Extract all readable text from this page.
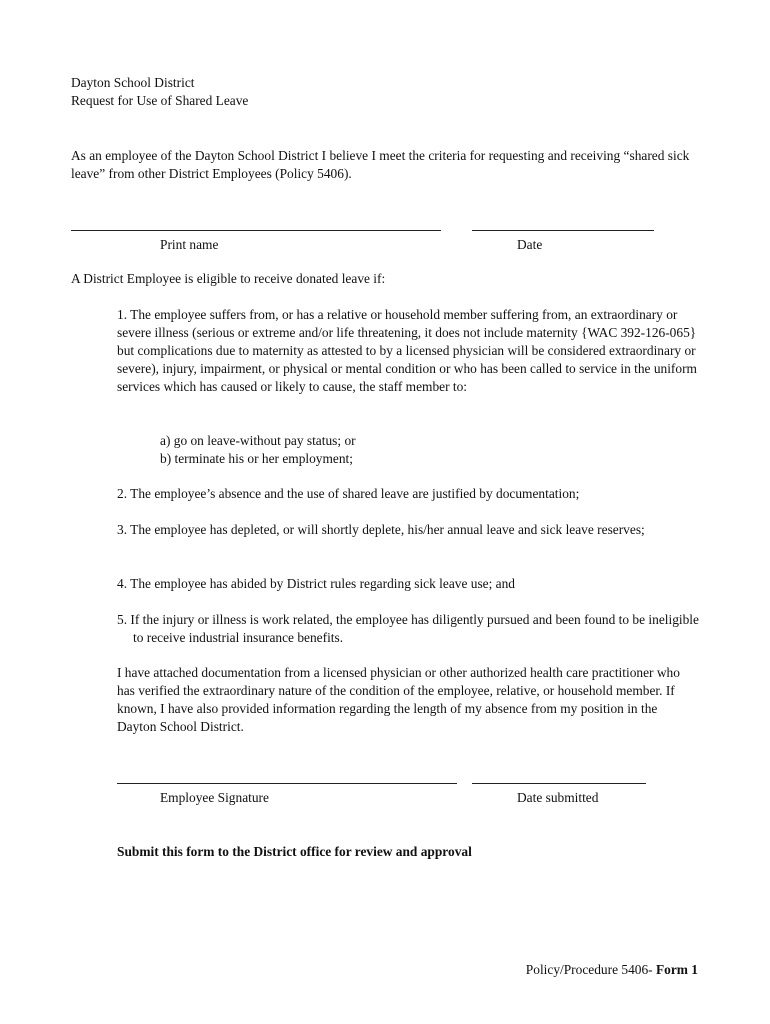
Dayton School District
Request for Use of Shared Leave
As an employee of the Dayton School District I believe I meet the criteria for requesting and receiving “shared sick leave” from other District Employees (Policy 5406).
Print name	Date
A District Employee is eligible to receive donated leave if:
1. The employee suffers from, or has a relative or household member suffering from, an extraordinary or severe illness (serious or extreme and/or life threatening, it does not include maternity {WAC 392-126-065} but complications due to maternity as attested to by a licensed physician will be considered extraordinary or severe), injury, impairment, or physical or mental condition or who has been called to service in the uniform services which has caused or likely to cause, the staff member to:
a) go on leave-without pay status; or
b) terminate his or her employment;
2. The employee’s absence and the use of shared leave are justified by documentation;
3. The employee has depleted, or will shortly deplete, his/her annual leave and sick leave reserves;
4. The employee has abided by District rules regarding sick leave use; and
5. If the injury or illness is work related, the employee has diligently pursued and been found to be ineligible to receive industrial insurance benefits.
I have attached documentation from a licensed physician or other authorized health care practitioner who has verified the extraordinary nature of the condition of the employee, relative, or household member. If known, I have also provided information regarding the length of my absence from my position in the Dayton School District.
Employee Signature	Date submitted
Submit this form to the District office for review and approval
Policy/Procedure 5406- Form 1
